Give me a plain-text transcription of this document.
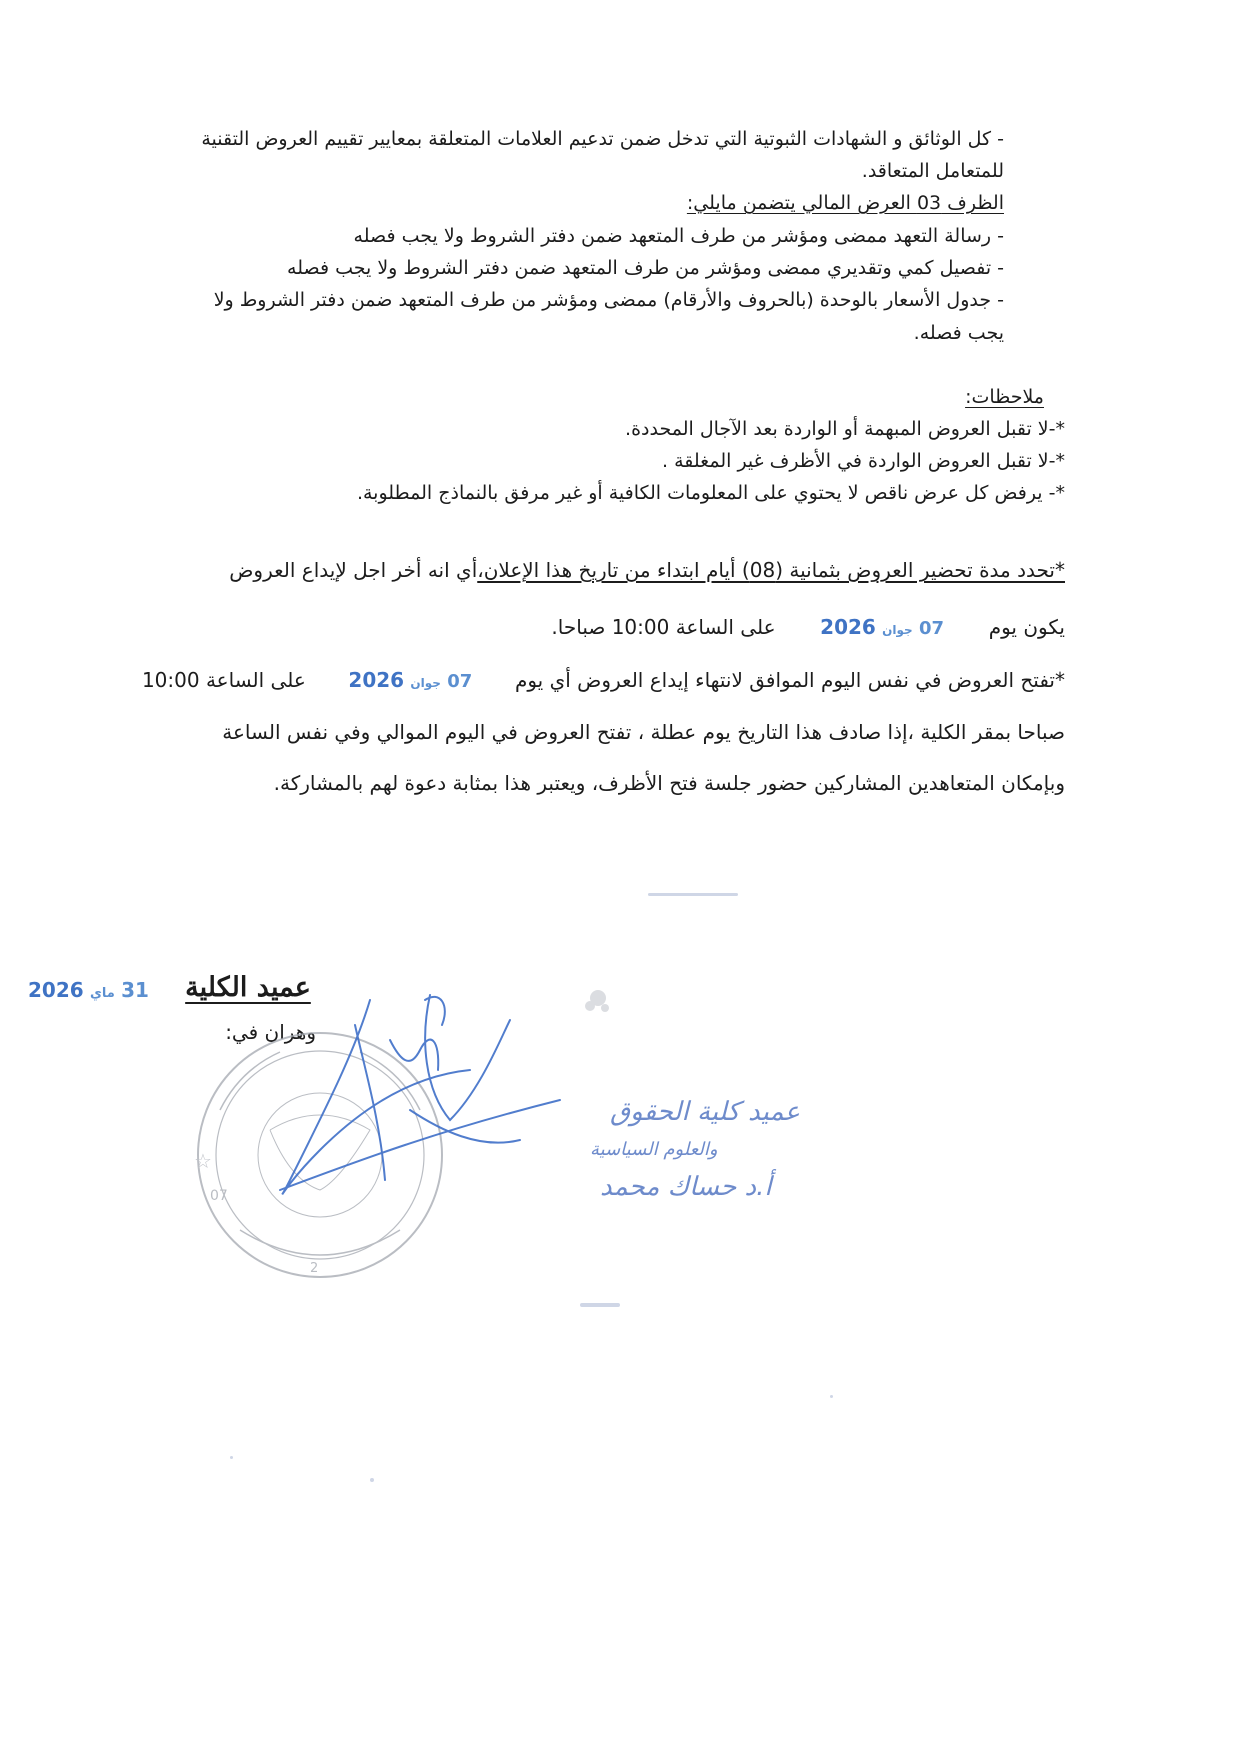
- كل الوثائق و الشهادات الثبوتية التي تدخل ضمن تدعيم العلامات المتعلقة بمعايير تقييم العروض التقنية
للمتعامل المتعاقد.
الظرف 03 العرض المالي يتضمن مايلي:
- رسالة التعهد ممضى ومؤشر من طرف المتعهد ضمن دفتر الشروط ولا يجب فصله
- تفصيل كمي وتقديري ممضى ومؤشر من طرف المتعهد ضمن دفتر الشروط ولا يجب فصله
- جدول الأسعار بالوحدة (بالحروف والأرقام) ممضى ومؤشر من طرف المتعهد ضمن دفتر الشروط ولا
يجب فصله.
ملاحظات:
*-لا تقبل العروض المبهمة أو الواردة بعد الآجال المحددة.
*-لا تقبل العروض الواردة في الأظرف غير المغلقة .
*- يرفض كل عرض ناقص لا يحتوي على المعلومات الكافية أو غير مرفق بالنماذج المطلوبة.
*تحدد مدة تحضير العروض بثمانية (08) أيام ابتداء من تاريخ هذا الإعلان،أي انه أخر اجل لإيداع العروض
يكون يوم  07 جوان 2026  على الساعة 10:00 صباحا.
*تفتح العروض في نفس اليوم الموافق لانتهاء إيداع العروض أي يوم  07 جوان 2026  على الساعة 10:00
صباحا بمقر الكلية ،إذا صادف هذا التاريخ يوم عطلة ، تفتح العروض في اليوم الموالي وفي نفس الساعة
وبإمكان المتعاهدين المشاركين حضور جلسة فتح الأظرف، ويعتبر هذا بمثابة دعوة لهم بالمشاركة.
31 ماي 2026	عميد الكلية
وهران في:
☆
07
2
عميد كلية الحقوق
والعلوم السياسية
أ.د حساك محمد
